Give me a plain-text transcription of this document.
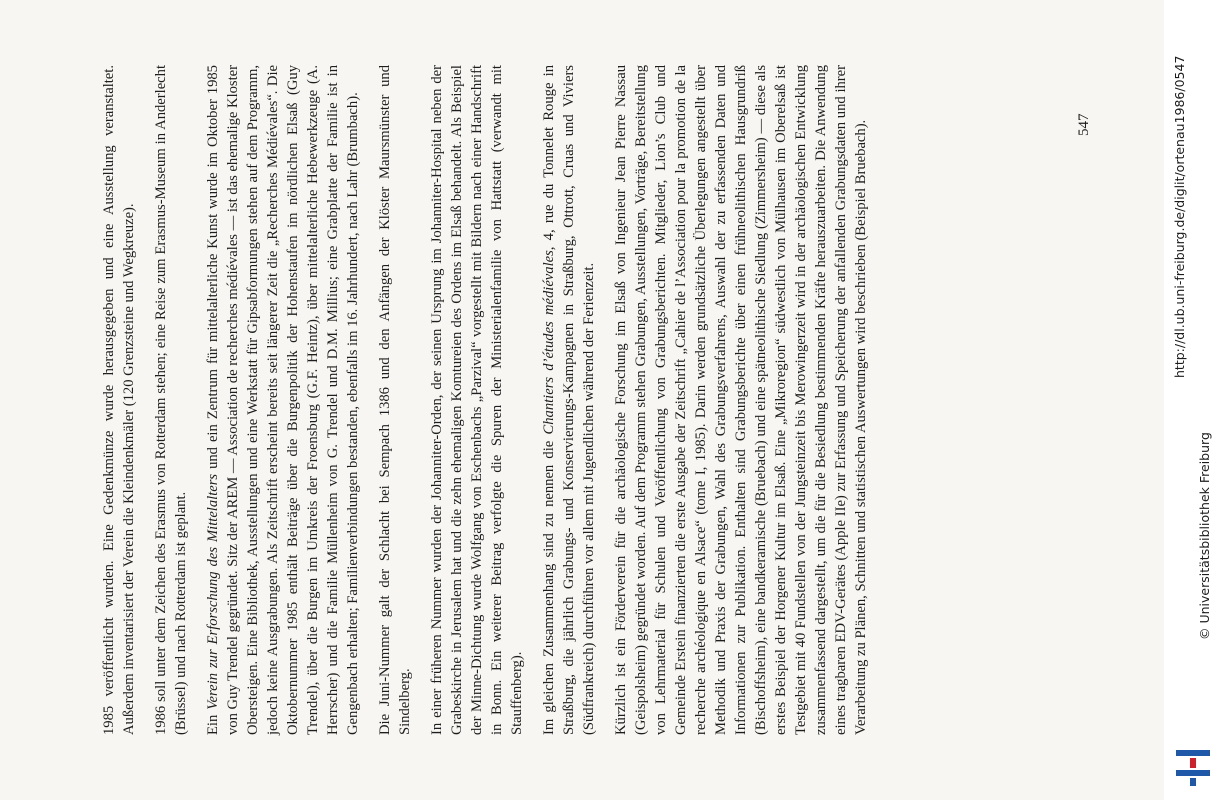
1985 veröffentlicht wurden. Eine Gedenkmünze wurde herausgegeben und eine Ausstellung veranstaltet. Außerdem inventarisiert der Verein die Kleindenkmäler (120 Grenzsteine und Wegkreuze). 1986 soll unter dem Zeichen des Erasmus von Rotterdam stehen; eine Reise zum Erasmus-Museum in Anderlecht (Brüssel) und nach Rotterdam ist geplant. Ein Verein zur Erforschung des Mittelalters und ein Zentrum für mittelalterliche Kunst wurde im Oktober 1985 von Guy Trendel gegründet. Sitz der AREM — Association de recherches médiévales — ist das ehemalige Kloster Obersteigen. Eine Bibliothek, Ausstellungen und eine Werkstatt für Gipsabformungen stehen auf dem Programm, jedoch keine Ausgrabungen. Als Zeitschrift erscheint bereits seit längerer Zeit die „Recherches Médiévales“. Die Oktobernummer 1985 enthält Beiträge über die Burgenpolitik der Hohenstaufen im nördlichen Elsaß (Guy Trendel), über die Burgen im Umkreis der Froensburg (G.F. Heintz), über mittelalterliche Hebewerkzeuge (A. Herrscher) und die Familie Müllenheim von G. Trendel und D.M. Millius; eine Grabplatte der Familie ist in Gengenbach erhalten; Familienverbindungen bestanden, ebenfalls im 16. Jahrhundert, nach Lahr (Brumbach). Die Juni-Nummer galt der Schlacht bei Sempach 1386 und den Anfängen der Klöster Maursmünster und Sindelberg. In einer früheren Nummer wurden der Johanniter-Orden, der seinen Ursprung im Johanniter-Hospital neben der Grabeskirche in Jerusalem hat und die zehn ehemaligen Komtureien des Ordens im Elsaß behandelt. Als Beispiel der Minne-Dichtung wurde Wolfgang von Eschenbachs „Parzival“ vorgestellt mit Bildern nach einer Handschrift in Bonn. Ein weiterer Beitrag verfolgte die Spuren der Ministerialenfamilie von Hattstatt (verwandt mit Stauffenberg). Im gleichen Zusammenhang sind zu nennen die Chantiers d’études médiévales, 4, rue du Tonnelet Rouge in Straßburg, die jährlich Grabungs- und Konservierungs-Kampagnen in Straßburg, Ottrott, Cruas und Viviers (Südfrankreich) durchführen vor allem mit Jugendlichen während der Ferienzeit. Kürzlich ist ein Förderverein für die archäologische Forschung im Elsaß von Ingenieur Jean Pierre Nassau (Geispolsheim) gegründet worden. Auf dem Programm stehen Grabungen, Ausstellungen, Vorträge, Bereitstellung von Lehrmaterial für Schulen und Veröffentlichung von Grabungsberichten. Mitglieder, Lion’s Club und Gemeinde Erstein finanzierten die erste Ausgabe der Zeitschrift „Cahier de l’Association pour la promotion de la recherche archéologique en Alsace“ (tome I, 1985). Darin werden grundsätzliche Überlegungen angestellt über Methodik und Praxis der Grabungen, Wahl des Grabungsverfahrens, Auswahl der zu erfassenden Daten und Informationen zur Publikation. Enthalten sind Grabungsberichte über einen frühneolithischen Hausgrundriß (Bischoffsheim), eine bandkeramische (Bruebach) und eine spätneolithische Siedlung (Zimmersheim) — diese als erstes Beispiel der Horgener Kultur im Elsaß. Eine „Mikroregion“ südwestlich von Mülhausen im Oberelsaß ist Testgebiet mit 40 Fundstellen von der Jungsteinzeit bis Merowingerzeit wird in der archäologischen Entwicklung zusammenfassend dargestellt, um die für die Besiedlung bestimmenden Kräfte herauszuarbeiten. Die Anwendung eines tragbaren EDV-Gerätes (Apple IIe) zur Erfassung und Speicherung der anfallenden Grabungsdaten und ihrer Verarbeitung zu Plänen, Schnitten und statistischen Auswertungen wird beschrieben (Beispiel Bruebach).	547	http://dl.ub.uni-freiburg.de/diglit/ortenau1986/0547
© Universitätsbibliothek Freiburg
